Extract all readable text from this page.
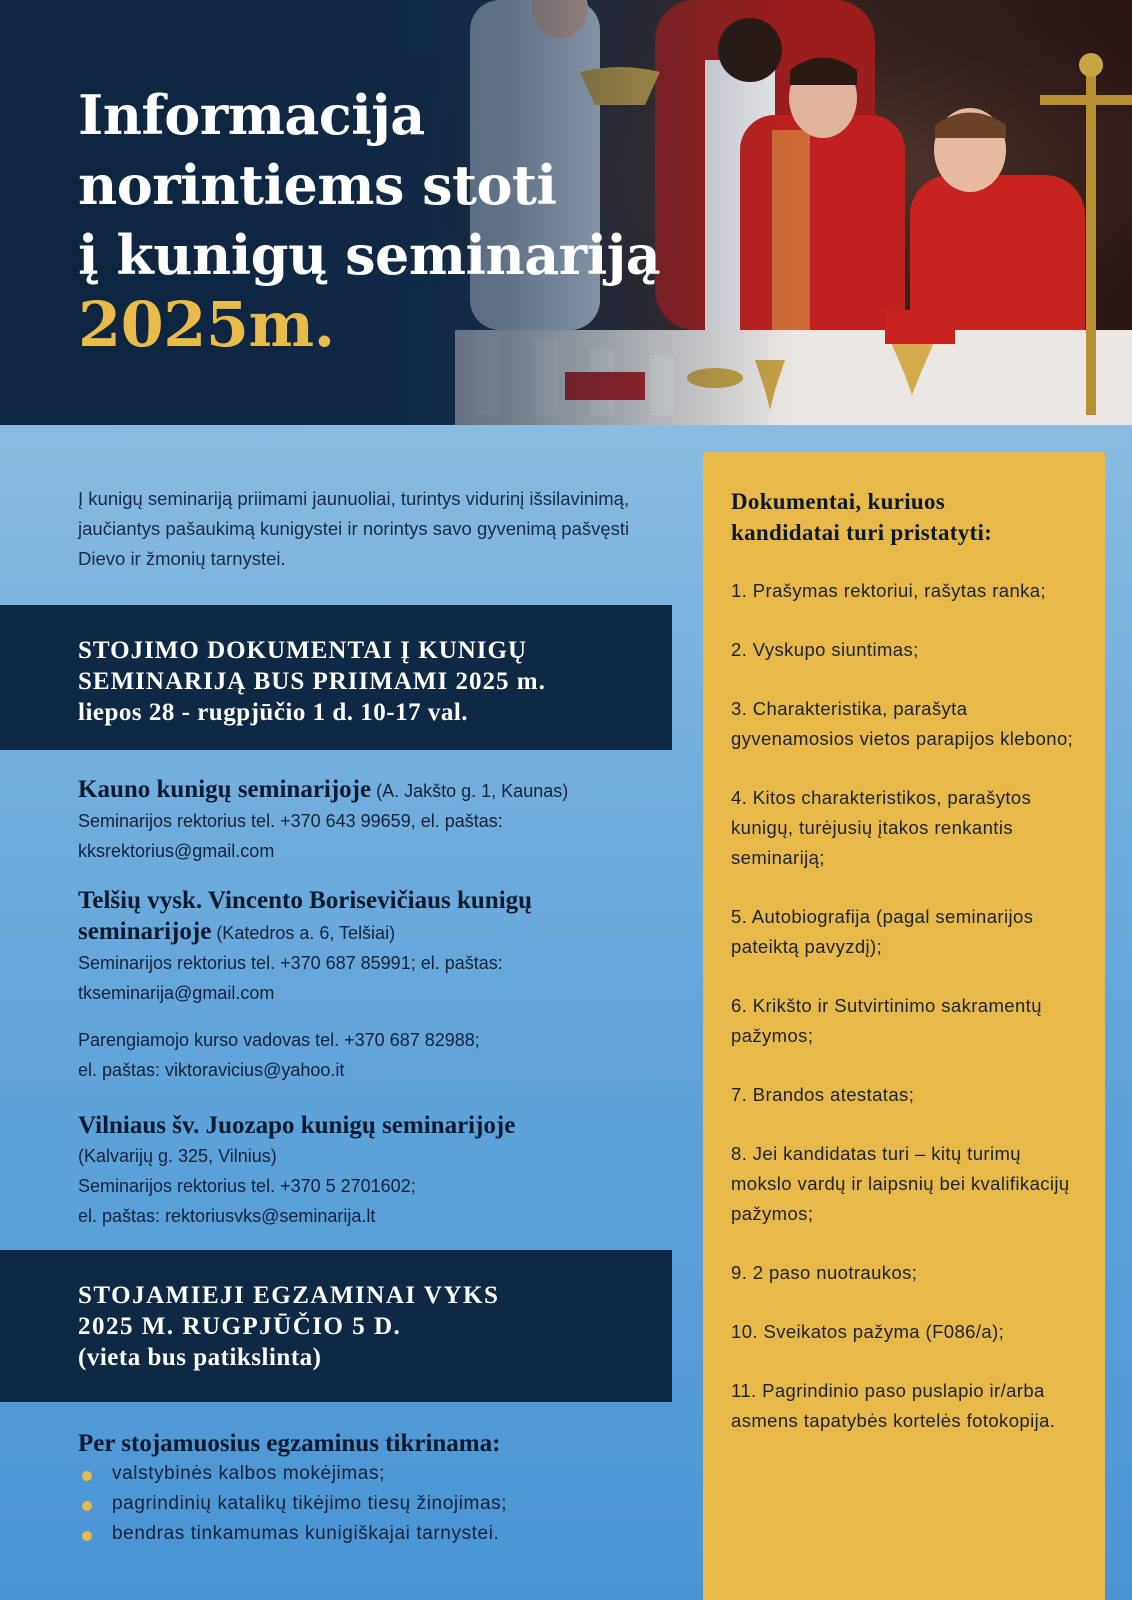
Informacija
norintiems stoti
į kunigų seminariją
2025m.

Į kunigų seminariją priimami jaunuoliai, turintys vidurinį išsilavinimą, jaučiantys pašaukimą kunigystei ir norintys savo gyvenimą pašvęsti Dievo ir žmonių tarnystei.

STOJIMO DOKUMENTAI Į KUNIGŲ
SEMINARIJĄ BUS PRIIMAMI 2025 m.
liepos 28 - rugpjūčio 1 d. 10-17 val.
Kauno kunigų seminarijoje (A. Jakšto g. 1, Kaunas)
Seminarijos rektorius tel. +370 643 99659, el. paštas:
kksrektorius@gmail.com
Telšių vysk. Vincento Borisevičiaus kunigų
seminarijoje (Katedros a. 6, Telšiai)
Seminarijos rektorius tel. +370 687 85991; el. paštas:
tkseminarija@gmail.com
Parengiamojo kurso vadovas tel. +370 687 82988;
el. paštas: viktoravicius@yahoo.it
Vilniaus šv. Juozapo kunigų seminarijoje
(Kalvarijų g. 325, Vilnius)
Seminarijos rektorius tel. +370 5 2701602;
el. paštas: rektoriusvks@seminarija.lt
STOJAMIEJI EGZAMINAI VYKS
2025 M. RUGPJŪČIO 5 D.
(vieta bus patikslinta)
Per stojamuosius egzaminus tikrinama:
valstybinės kalbos mokėjimas;
pagrindinių katalikų tikėjimo tiesų žinojimas;
bendras tinkamumas kunigiškajai tarnystei.
Dokumentai, kuriuos
kandidatai turi pristatyti:
1. Prašymas rektoriui, rašytas ranka;
2. Vyskupo siuntimas;
3. Charakteristika, parašyta gyvenamosios vietos parapijos klebono;
4. Kitos charakteristikos, parašytos kunigų, turėjusių įtakos renkantis seminariją;
5. Autobiografija (pagal seminarijos pateiktą pavyzdį);
6. Krikšto ir Sutvirtinimo sakramentų pažymos;
7. Brandos atestatas;
8. Jei kandidatas turi – kitų turimų mokslo vardų ir laipsnių bei kvalifikacijų pažymos;
9. 2 paso nuotraukos;
10. Sveikatos pažyma (F086/a);
11. Pagrindinio paso puslapio ir/arba asmens tapatybės kortelės fotokopija.
